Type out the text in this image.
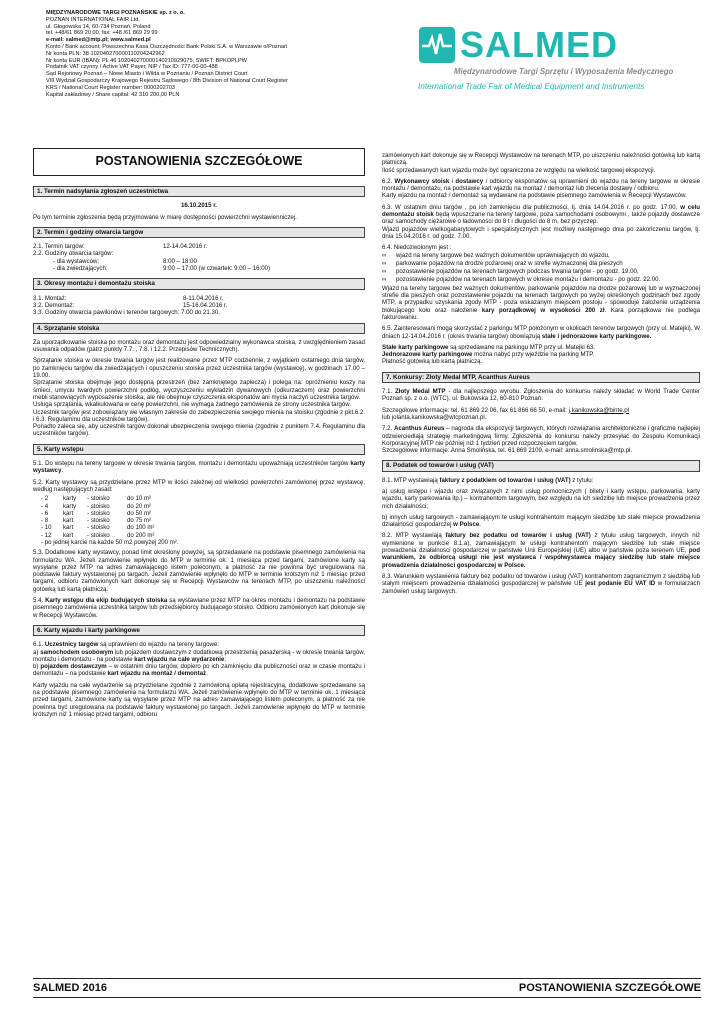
MIĘDZYNARODOWE TARGI POZNAŃSKIE sp. z o. o.
POZNAN INTERNATIONAL FAIR Ltd.
ul. Głogowska 14, 60-734 Poznań, Poland
tel. +48/61 869 20 00, fax: +48 /61 869 29 99
e-mail: salmed@mtp.pl; www.salmed.pl
Konto / Bank account: Powszechna Kasa Oszczędności Bank Polski S.A. w Warszawie o/Poznań
Nr konta PLN: 38 102040270000110204242962
Nr konta EUR (IBAN): PL 46 102040270000140210929075, SWIFT: BPKOPLPW
Podatnik VAT czynny / Active VAT Payer, NIP / Tax ID: 777-00-00-488
Sąd Rejonowy Poznań – Nowe Miasto i Wilda w Poznaniu / Poznan District Court
VIII Wydział Gospodarczy Krajowego Rejestru Sądowego / 8th Division of National Court Register
KRS / National Court Register number: 0000202703
Kapitał zakładowy / Share capital: 42 310 200,00 PLN
SALMED
Międzynarodowe Targi Sprzętu i Wyposażenia Medycznego
International Trade Fair of Medical Equipment and Instruments
POSTANOWIENIA SZCZEGÓŁOWE
1. Termin nadsyłania zgłoszeń uczestnictwa

16.10.2015 r.

Po tym terminie zgłoszenia będą przyjmowane w miarę dostępności powierzchni wystawienniczej.

2. Termin i godziny otwarcia targów
2.1. Termin targów:	12-14.04.2016 r.
2.2. Godziny otwarcia targów:
- dla wystawców:	8:00 – 18:00
- dla zwiedzających:	9:00 – 17:00 (w czwartek: 9:00 – 16:00)
3. Okresy montażu i demontażu stoiska
3.1. Montaż:	8-11.04.2016 r.
3.2. Demontaż:	15-16.04.2016 r.
3.3. Godziny otwarcia pawilonów i terenów targowych: 7.00 do 21.30.
4. Sprzątanie stoiska

Za uporządkowanie stoiska po montażu oraz demontażu jest odpowiedzialny wykonawca stoiska, z uwzględnieniem zasad usuwania odpadów (patrz punkty 7.7. , 7.8. i 12.2. Przepisów Technicznych).

Sprzątanie stoiska w okresie trwania targów jest realizowane przez MTP codziennie, z wyjątkiem ostatniego dnia targów, po zamknięciu targów dla zwiedzających i opuszczeniu stoiska przez uczestnika targów (wystawcę), w godzinach 17.00 – 19.00.

Sprzątanie stoiska obejmuje jego dostępną przestrzeń (bez zamkniętego zaplecza) i polega na: opróżnieniu koszy na śmieci, umyciu twardych powierzchni podłóg, wyczyszczeniu wykładzin dywanowych (odkurzaczem) oraz powierzchni mebli stanowiących wyposażenie stoiska, ale nie obejmuje czyszczenia eksponatów ani mycia naczyń uczestnika targów.

Usługa sprzątania, wkalkulowana w cenę powierzchni, nie wymaga żadnego zamówienia ze strony uczestnika targów.

Uczestnik targów jest zobowiązany we własnym zakresie do zabezpieczenia swojego mienia na stoisku (zgodnie z pkt.6.2. i 6.3. Regulaminu dla uczestników targów).

Ponadto zaleca się, aby uczestnik targów dokonał ubezpieczenia swojego mienia (zgodnie z punktem 7.4. Regulaminu dla uczestników targów).

5. Karty wstępu

5.1. Do wstępu na tereny targowe w okresie trwania targów, montażu i demontażu upoważniają uczestników targów karty wystawcy.

5.2. Karty wystawcy są przydzielane przez MTP w ilości zależnej od wielkości powierzchni zamówionej przez wystawcę, według następujących zasad:

- 2	karty	- stoisko	do 10 m²
- 4	karty	- stoisko	do 20 m²
- 6	kart	- stoisko	do 50 m²
- 8	kart	- stoisko	do 75 m²
- 10	kart	- stoisko	do 100 m²
- 12	kart	- stoisko	do 200 m²
- po jednej karcie na każde 50 m2 powyżej 200 m².

5.3. Dodatkowe karty wystawcy, ponad limit określony powyżej, są sprzedawane na podstawie pisemnego zamówienia na formularzu WA. Jeżeli zamówienie wpłynęło do MTP w terminie ok. 1 miesiąca przed targami, zamówione karty są wysyłane przez MTP na adres zamawiającego listem poleconym, a płatność za nie powinna być uregulowana na podstawie faktury wystawionej po targach. Jeżeli zamówienie wpłynęło do MTP w terminie krótszym niż 1 miesiąc przed targami, odbioru zamówionych kart dokonuje się w Recepcji Wystawców na terenach MTP, po uiszczeniu należności gotówką lub kartą płatniczą.

5.4. Karty wstępu dla ekip budujących stoiska są wystawiane przez MTP na okres montażu i demontażu na podstawie pisemnego zamówienia uczestnika targów lub przedsiębiorcy budującego stoisko. Odbioru zamówionych kart dokonuje się w Recepcji Wystawców.

6. Karty wjazdu i karty parkingowe

6.1. Uczestnicy targów są uprawnieni do wjazdu na tereny targowe:

a) samochodem osobowym lub pojazdem dostawczym z dodatkową przestrzenią pasażerską - w okresie trwania targów, montażu i demontażu - na podstawie kart wjazdu na całe wydarzenie;

b) pojazdem dostawczym – w ostatnim dniu targów, dopiero po ich zamknięciu dla publiczności oraz w czasie montażu i demontażu – na podstawie kart wjazdu na montaż / demontaż.

Karty wjazdu na całe wydarzenie są przydzielane zgodnie z zamówioną opłatą rejestracyjną, dodatkowe sprzedawane są na podstawie pisemnego zamówienia na formularzu WA. Jeżeli zamówienie wpłynęło do MTP w terminie ok. 1 miesiąca przed targami, zamówione karty są wysyłane przez MTP na adres zamawiającego listem poleconym, a płatność za nie powinna być uregulowana na podstawie faktury wystawionej po targach. Jeżeli zamówienie wpłynęło do MTP w terminie krótszym niż 1 miesiąc przed targami, odbioru

zamówionych kart dokonuje się w Recepcji Wystawców na terenach MTP, po uiszczeniu należności gotówką lub kartą płatniczą.

Ilość sprzedawanych kart wjazdu może być ograniczona ze względu na wielkość targowej ekspozycji.

6.2. Wykonawcy stoisk i dostawcy / odbiorcy eksponatów są uprawnieni do wjazdu na tereny targowe w okresie montażu / demontażu, na podstawie kart wjazdu na montaż / demontaż lub zlecenia dostawy / odbioru.

Karty wjazdu na montaż / demontaż są wydawane na podstawie pisemnego zamówienia w Recepcji Wystawców.

6.3. W ostatnim dniu targów , po ich zamknięciu dla publiczności, tj. dnia 14.04.2016 r. po godz. 17:00, w celu demontażu stoisk będą wpuszczane na tereny targowe, poza samochodami osobowymi , także pojazdy dostawcze oraz samochody ciężarowe o ładowności do 8 t i długości do 8 m, bez przyczep.

Wjazd pojazdów wielkogabarytowych i specjalistycznych jest możliwy następnego dnia po zakończeniu targów, tj. dnia 15.04.2016 r. od godz. 7.00.

6.4. Niedozwolonym jest :

∞	wjazd na tereny targowe bez ważnych dokumentów uprawniających do wjazdu,
∞	parkowanie pojazdów na drodze pożarowej oraz w strefie wyznaczonej dla pieszych
∞	pozostawienie pojazdów na terenach targowych podczas trwania targów - po godz. 19.00,
∞	pozostawienie pojazdów na terenach targowych w okresie montażu i demontażu - po godz. 22.00.

Wjazd na tereny targowe bez ważnych dokumentów, parkowanie pojazdów na drodze pożarowej lub w wyznaczonej strefie dla pieszych oraz pozostawienie pojazdu na terenach targowych po wyżej określonych godzinach bez zgody MTP, a przypadku uzyskania zgody MTP - poza wskazanym miejscem postoju - spowoduje założenie urządzenia blokującego koło oraz nałożenie kary porządkowej w wysokości 200 zł. Kara porządkowa nie podlega fakturowaniu.

6.5. Zainteresowani mogą skorzystać z parkingu MTP położonym w okolicach terenów targowych (przy ul. Matejki). W dniach 12-14.04.2016 r. (okres trwania targów) obowiązują stałe i jednorazowe karty parkingowe.

Stałe karty parkingowe są sprzedawane na parkingu MTP przy ul. Matejki 63.

Jednorazowe karty parkingowe można nabyć przy wjeździe na parking MTP.

Płatność gotówką lub kartą płatniczą.

7. Konkursy: Złoty Medal MTP, Acanthus Aureus

7.1. Złoty Medal MTP - dla najlepszego wyrobu. Zgłoszenia do konkursu należy składać w World Trade Center Poznań sp. z o.o. (WTC), ul. Bukowska 12, 60-810 Poznań.

Szczegółowe informacje: tel. 61 869 22 06, fax 61 866 66 50, e-mail: j.kanikowska@binte.pl
lub jolanta.kanikowska@wtcpoznan.pl.

7.2. Acanthus Aureus – nagroda dla ekspozycji targowych, których rozwiązania architektoniczne i graficzne najlepiej odzwierciedlają strategię marketingową firmy. Zgłoszenia do konkursu należy przesyłać do Zespołu Komunikacji Korporacyjnej MTP nie później niż 1 tydzień przed rozpoczęciem targów.

Szczegółowe informacje: Anna Smolińska, tel. 61 869 2109, e-mail: anna.smolinska@mtp.pl.

8. Podatek od towarów i usług (VAT)

8.1. MTP wystawiają faktury z podatkiem od towarów i usług (VAT) z tytułu:

a) usług wstępu i wjazdu oraz związanych z nimi usług pomocniczych ( bilety i karty wstępu, parkowania, karty wjazdu, karty parkowania itp.) – kontrahentom targowym, bez względu na ich siedzibę lub miejsce prowadzenia przez nich działalności;

b) innych usług targowych - zamawiającym te usługi kontrahentom mającym siedzibę lub stałe miejsce prowadzenia działalności gospodarczej w Polsce.

8.2. MTP wystawiają faktury bez podatku od towarów i usług (VAT) z tytułu usług targowych, innych niż wymienione w punkcie 8.1.a), zamawiającym te usługi kontrahentom mającym siedzibę lub stałe miejsce prowadzenia działalności gospodarczej w państwie Unii Europejskiej (UE) albo w państwie poza terenem UE, pod warunkiem, że odbiorcą usługi nie jest wystawca / współwystawca mający siedzibę lub stałe miejsce prowadzenia działalności gospodarczej w Polsce.

8.3. Warunkiem wystawienia faktury bez podatku od towarów i usług (VAT) kontrahentom zagranicznym z siedzibą lub stałym miejscem prowadzenia działalności gospodarczej w państwie UE jest podanie EU VAT ID w formularzach zamówień usług targowych.

SALMED 2016	POSTANOWIENIA SZCZEGÓŁOWE
